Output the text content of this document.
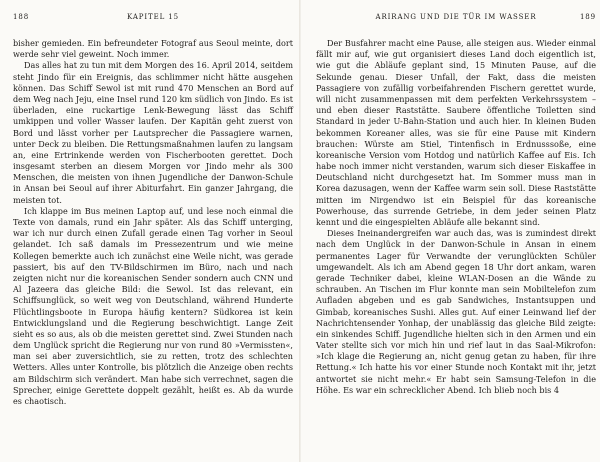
188	KAPITEL 15

bisher gemieden. Ein befreundeter Fotograf aus Seoul meinte, dort werde sehr viel geweint. Noch immer.

Das alles hat zu tun mit dem Morgen des 16. April 2014, seitdem steht Jindo für ein Ereignis, das schlimmer nicht hätte ausgehen können. Das Schiff Sewol ist mit rund 470 Menschen an Bord auf dem Weg nach Jeju, eine Insel rund 120 km südlich von Jindo. Es ist überladen, eine ruckartige Lenk-Bewegung lässt das Schiff umkippen und voller Wasser laufen. Der Kapitän geht zuerst von Bord und lässt vorher per Lautsprecher die Passagiere warnen, unter Deck zu bleiben. Die Rettungsmaßnahmen laufen zu langsam an, eine Ertrinkende werden von Fischerbooten gerettet. Doch insgesamt sterben an diesem Morgen vor Jindo mehr als 300 Menschen, die meisten von ihnen Jugendliche der Danwon-Schule in Ansan bei Seoul auf ihrer Abiturfahrt. Ein ganzer Jahrgang, die meisten tot.

Ich klappe im Bus meinen Laptop auf, und lese noch einmal die Texte von damals, rund ein Jahr später. Als das Schiff unterging, war ich nur durch einen Zufall gerade einen Tag vorher in Seoul gelandet. Ich saß damals im Pressezentrum und wie meine Kollegen bemerkte auch ich zunächst eine Weile nicht, was gerade passiert, bis auf den TV-Bildschirmen im Büro, nach und nach zeigten nicht nur die koreanischen Sender sondern auch CNN und Al Jazeera das gleiche Bild: die Sewol. Ist das relevant, ein Schiffsunglück, so weit weg von Deutschland, während Hunderte Flüchtlingsboote in Europa häufig kentern? Südkorea ist kein Entwicklungsland und die Regierung beschwichtigt. Lange Zeit sieht es so aus, als ob die meisten gerettet sind. Zwei Stunden nach dem Unglück spricht die Regierung nur von rund 80 »Vermissten«, man sei aber zuversichtlich, sie zu retten, trotz des schlechten Wetters. Alles unter Kontrolle, bis plötzlich die Anzeige oben rechts am Bildschirm sich verändert. Man habe sich verrechnet, sagen die Sprecher, einige Gerettete doppelt gezählt, heißt es. Ab da wurde es chaotisch.

ARIRANG UND DIE TÜR IM WASSER	189

Der Busfahrer macht eine Pause, alle steigen aus. Wieder einmal fällt mir auf, wie gut organisiert dieses Land doch eigentlich ist, wie gut die Abläufe geplant sind, 15 Minuten Pause, auf die Sekunde genau. Dieser Unfall, der Fakt, dass die meisten Passagiere von zufällig vorbeifahrenden Fischern gerettet wurde, will nicht zusammenpassen mit dem perfekten Verkehrssystem – und eben dieser Raststätte. Saubere öffentliche Toiletten sind Standard in jeder U-Bahn-Station und auch hier. In kleinen Buden bekommen Koreaner alles, was sie für eine Pause mit Kindern brauchen: Würste am Stiel, Tintenfisch in Erdnusssoße, eine koreanische Version vom Hotdog und natürlich Kaffee auf Eis. Ich habe noch immer nicht verstanden, warum sich dieser Eiskaffee in Deutschland nicht durchgesetzt hat. Im Sommer muss man in Korea dazusagen, wenn der Kaffee warm sein soll. Diese Raststätte mitten im Nirgendwo ist ein Beispiel für das koreanische Powerhouse, das surrende Getriebe, in dem jeder seinen Platz kennt und die eingespielten Abläufe alle bekannt sind.

Dieses Ineinandergreifen war auch das, was is zumindest direkt nach dem Unglück in der Danwon-Schule in Ansan in einem permanentes Lager für Verwandte der verunglückten Schüler umgewandelt. Als ich am Abend gegen 18 Uhr dort ankam, waren gerade Techniker dabei, kleine WLAN-Dosen an die Wände zu schrauben. An Tischen im Flur konnte man sein Mobiltelefon zum Aufladen abgeben und es gab Sandwiches, Instantsuppen und Gimbab, koreanisches Sushi. Alles gut. Auf einer Leinwand lief der Nachrichtensender Yonhap, der unablässig das gleiche Bild zeigte: ein sinkendes Schiff. Jugendliche hielten sich in den Armen und ein Vater stellte sich vor mich hin und rief laut in das Saal-Mikrofon: »Ich klage die Regierung an, nicht genug getan zu haben, für ihre Rettung.« Ich hatte his vor einer Stunde noch Kontakt mit ihr, jetzt antwortet sie nicht mehr.« Er habt sein Samsung-Telefon in die Höhe. Es war ein schrecklicher Abend. Ich blieb noch bis 4
